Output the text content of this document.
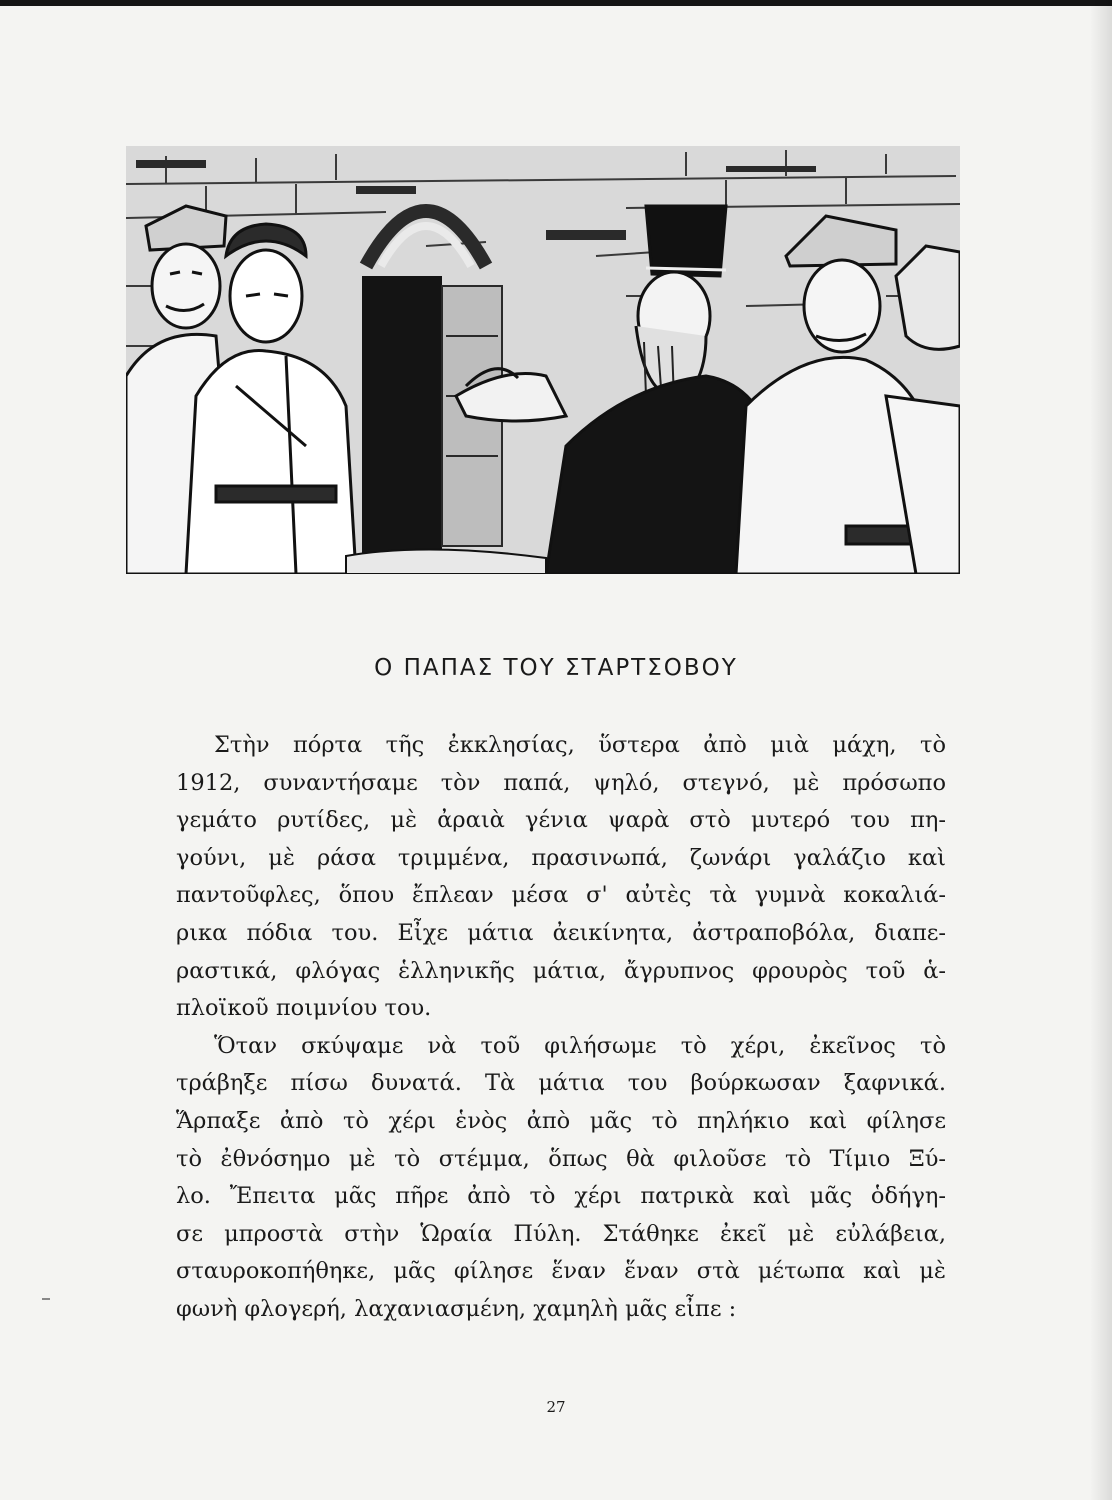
Ο ΠΑΠΑΣ ΤΟΥ ΣΤΑΡΤΣΟΒΟΥ
Στὴν πόρτα τῆς ἐκκλησίας, ὕστερα ἀπὸ μιὰ μάχη, τὸ
1912, συναντήσαμε τὸν παπά, ψηλό, στεγνό, μὲ πρόσωπο
γεμάτο ρυτίδες, μὲ ἀραιὰ γένια ψαρὰ στὸ μυτερό του πη-
γούνι, μὲ ράσα τριμμένα, πρασινωπά, ζωνάρι γαλάζιο καὶ
παντοῦφλες, ὅπου ἔπλεαν μέσα σ' αὐτὲς τὰ γυμνὰ κοκαλιά-
ρικα πόδια του. Εἶχε μάτια ἀεικίνητα, ἀστραποβόλα, διαπε-
ραστικά, φλόγας ἑλληνικῆς μάτια, ἄγρυπνος φρουρὸς τοῦ ἁ-
πλοϊκοῦ ποιμνίου του.
Ὅταν σκύψαμε νὰ τοῦ φιλήσωμε τὸ χέρι, ἐκεῖνος τὸ
τράβηξε πίσω δυνατά. Τὰ μάτια του βούρκωσαν ξαφνικά.
Ἅρπαξε ἀπὸ τὸ χέρι ἑνὸς ἀπὸ μᾶς τὸ πηλήκιο καὶ φίλησε
τὸ ἐθνόσημο μὲ τὸ στέμμα, ὅπως θὰ φιλοῦσε τὸ Τίμιο Ξύ-
λο. Ἔπειτα μᾶς πῆρε ἀπὸ τὸ χέρι πατρικὰ καὶ μᾶς ὁδήγη-
σε μπροστὰ στὴν Ὡραία Πύλη. Στάθηκε ἐκεῖ μὲ εὐλάβεια,
σταυροκοπήθηκε, μᾶς φίλησε ἕναν ἕναν στὰ μέτωπα καὶ μὲ
φωνὴ φλογερή, λαχανιασμένη, χαμηλὴ μᾶς εἶπε :
27
